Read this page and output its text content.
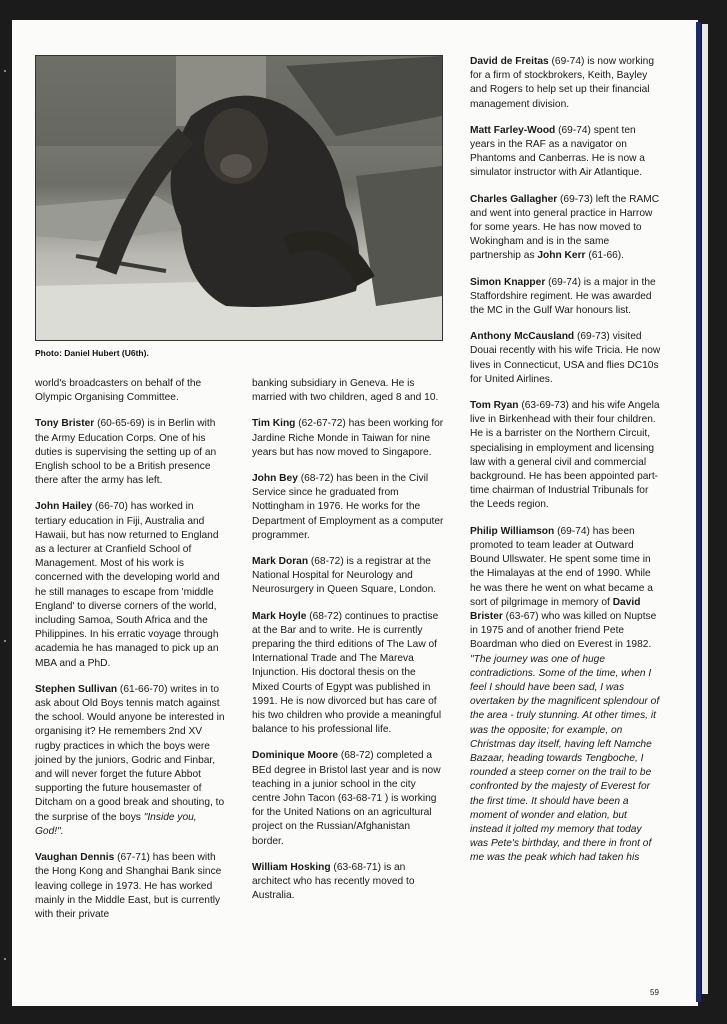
Photo: Daniel Hubert (U6th).

world's broadcasters on behalf of the Olympic Organising Committee.

Tony Brister (60-65-69) is in Berlin with the Army Education Corps. One of his duties is supervising the setting up of an English school to be a British presence there after the army has left.

John Hailey (66-70) has worked in tertiary education in Fiji, Australia and Hawaii, but has now returned to England as a lecturer at Cranfield School of Management. Most of his work is concerned with the developing world and he still manages to escape from 'middle England' to diverse corners of the world, including Samoa, South Africa and the Philippines. In his erratic voyage through academia he has managed to pick up an MBA and a PhD.

Stephen Sullivan (61-66-70) writes in to ask about Old Boys tennis match against the school. Would anyone be interested in organising it? He remembers 2nd XV rugby practices in which the boys were joined by the juniors, Godric and Finbar, and will never forget the future Abbot supporting the future housemaster of Ditcham on a good break and shouting, to the surprise of the boys "Inside you, God!".

Vaughan Dennis (67-71) has been with the Hong Kong and Shanghai Bank since leaving college in 1973. He has worked mainly in the Middle East, but is currently with their private

banking subsidiary in Geneva. He is married with two children, aged 8 and 10.

Tim King (62-67-72) has been working for Jardine Riche Monde in Taiwan for nine years but has now moved to Singapore.

John Bey (68-72) has been in the Civil Service since he graduated from Nottingham in 1976. He works for the Department of Employment as a computer programmer.

Mark Doran (68-72) is a registrar at the National Hospital for Neurology and Neurosurgery in Queen Square, London.

Mark Hoyle (68-72) continues to practise at the Bar and to write. He is currently preparing the third editions of The Law of International Trade and The Mareva Injunction. His doctoral thesis on the Mixed Courts of Egypt was published in 1991. He is now divorced but has care of his two children who provide a meaningful balance to his professional life.

Dominique Moore (68-72) completed a BEd degree in Bristol last year and is now teaching in a junior school in the city centre John Tacon (63-68-71 ) is working for the United Nations on an agricultural project on the Russian/Afghanistan border.

William Hosking (63-68-71) is an architect who has recently moved to Australia.

David de Freitas (69-74) is now working for a firm of stockbrokers, Keith, Bayley and Rogers to help set up their financial management division.

Matt Farley-Wood (69-74) spent ten years in the RAF as a navigator on Phantoms and Canberras. He is now a simulator instructor with Air Atlantique.

Charles Gallagher (69-73) left the RAMC and went into general practice in Harrow for some years. He has now moved to Wokingham and is in the same partnership as John Kerr (61-66).

Simon Knapper (69-74) is a major in the Staffordshire regiment. He was awarded the MC in the Gulf War honours list.

Anthony McCausland (69-73) visited Douai recently with his wife Tricia. He now lives in Connecticut, USA and flies DC10s for United Airlines.

Tom Ryan (63-69-73) and his wife Angela live in Birkenhead with their four children. He is a barrister on the Northern Circuit, specialising in employment and licensing law with a general civil and commercial background. He has been appointed part-time chairman of Industrial Tribunals for the Leeds region.

Philip Williamson (69-74) has been promoted to team leader at Outward Bound Ullswater. He spent some time in the Himalayas at the end of 1990. While he was there he went on what became a sort of pilgrimage in memory of David Brister (63-67) who was killed on Nuptse in 1975 and of another friend Pete Boardman who died on Everest in 1982. "The journey was one of huge contradictions. Some of the time, when I feel I should have been sad, I was overtaken by the magnificent splendour of the area - truly stunning. At other times, it was the opposite; for example, on Christmas day itself, having left Namche Bazaar, heading towards Tengboche, I rounded a steep corner on the trail to be confronted by the majesty of Everest for the first time. It should have been a moment of wonder and elation, but instead it jolted my memory that today was Pete's birthday, and there in front of me was the peak which had taken his

59
